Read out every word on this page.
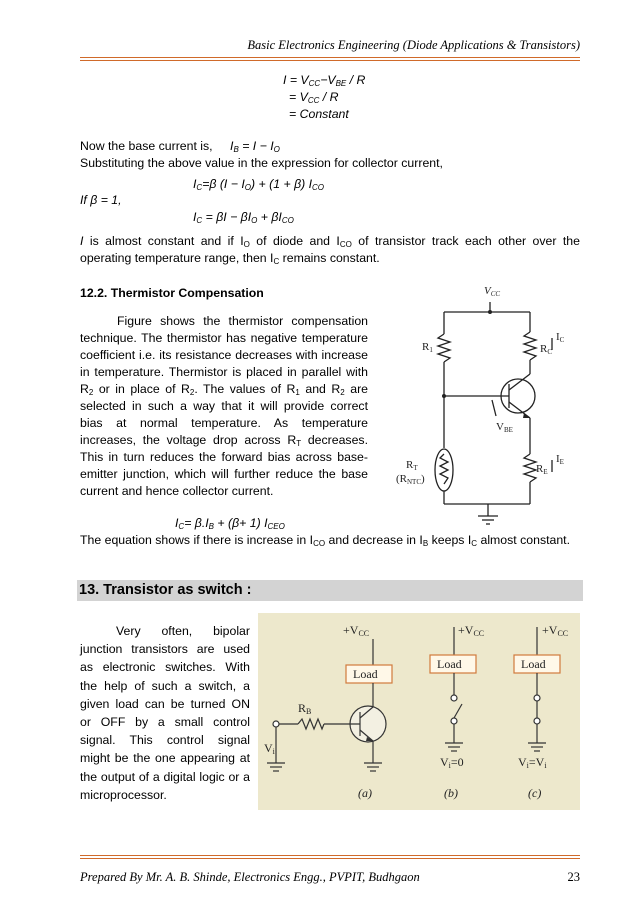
Basic Electronics Engineering (Diode Applications & Transistors)
$I = V_{CC}-V_{BE} / R$
= $V_{CC}$ / R
= Constant
Now the base current is, $I_B = I - I_O$
Substituting the above value in the expression for collector current,
$I_C=\beta$ $(I - I_O) + (1 + \beta)$ $I_{CO}$
If β = 1,
$I_C = \beta I - \beta I_O + \beta I_{CO}$
I is almost constant and if $I_O$ of diode and $I_{CO}$ of transistor track each other over the operating temperature range, then $I_C$ remains constant.
12.2. Thermistor Compensation
Figure shows the thermistor compensation technique. The thermistor has negative temperature coefficient i.e. its resistance decreases with increase in temperature. Thermistor is placed in parallel with $R_2$ or in place of $R_2$. The values of $R_1$ and $R_2$ are selected in such a way that it will provide correct bias at normal temperature. As temperature increases, the voltage drop across $R_T$ decreases. This in turn reduces the forward bias across base-emitter junction, which will further reduce the base current and hence collector current.
VCC
R1	RC
IC
VBE
RT
(RNTC)
RE
IE
$I_C= \beta.I_B + (\beta+ 1)$ $I_{CEO}$
The equation shows if there is increase in $I_{CO}$ and decrease in $I_B$ keeps $I_C$ almost constant.
13. Transistor as switch :
Very often, bipolar junction transistors are used as electronic switches. With the help of such a switch, a given load can be turned ON or OFF by a small control signal. This control signal might be the one appearing at the output of a digital logic or a microprocessor.
+VCC	+VCC	+VCC
Load
Load	Load
RB
Vi
Vi=0	Vi=Vi
(a)	(b)	(c)
Prepared By Mr. A. B. Shinde, Electronics Engg., PVPIT, Budhgaon	23
